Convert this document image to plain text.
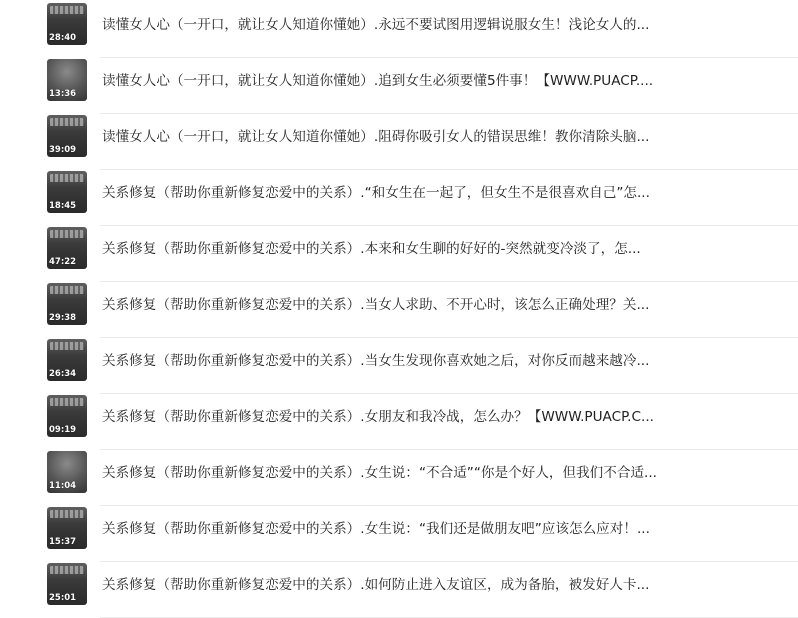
28:40
读懂女人心（一开口，就让女人知道你懂她）.永远不要试图用逻辑说服女生！浅论女人的...
13:36
读懂女人心（一开口，就让女人知道你懂她）.追到女生必须要懂5件事！【WWW.PUACP....
39:09
读懂女人心（一开口，就让女人知道你懂她）.阻碍你吸引女人的错误思维！教你清除头脑...
18:45
关系修复（帮助你重新修复恋爱中的关系）.“和女生在一起了，但女生不是很喜欢自己”怎...
47:22
关系修复（帮助你重新修复恋爱中的关系）.本来和女生聊的好好的-突然就变冷淡了，怎...
29:38
关系修复（帮助你重新修复恋爱中的关系）.当女人求助、不开心时，该怎么正确处理？关...
26:34
关系修复（帮助你重新修复恋爱中的关系）.当女生发现你喜欢她之后，对你反而越来越冷...
09:19
关系修复（帮助你重新修复恋爱中的关系）.女朋友和我冷战，怎么办？【WWW.PUACP.C...
11:04
关系修复（帮助你重新修复恋爱中的关系）.女生说：“不合适”“你是个好人，但我们不合适...
15:37
关系修复（帮助你重新修复恋爱中的关系）.女生说：“我们还是做朋友吧”应该怎么应对！...
25:01
关系修复（帮助你重新修复恋爱中的关系）.如何防止进入友谊区，成为备胎，被发好人卡...
